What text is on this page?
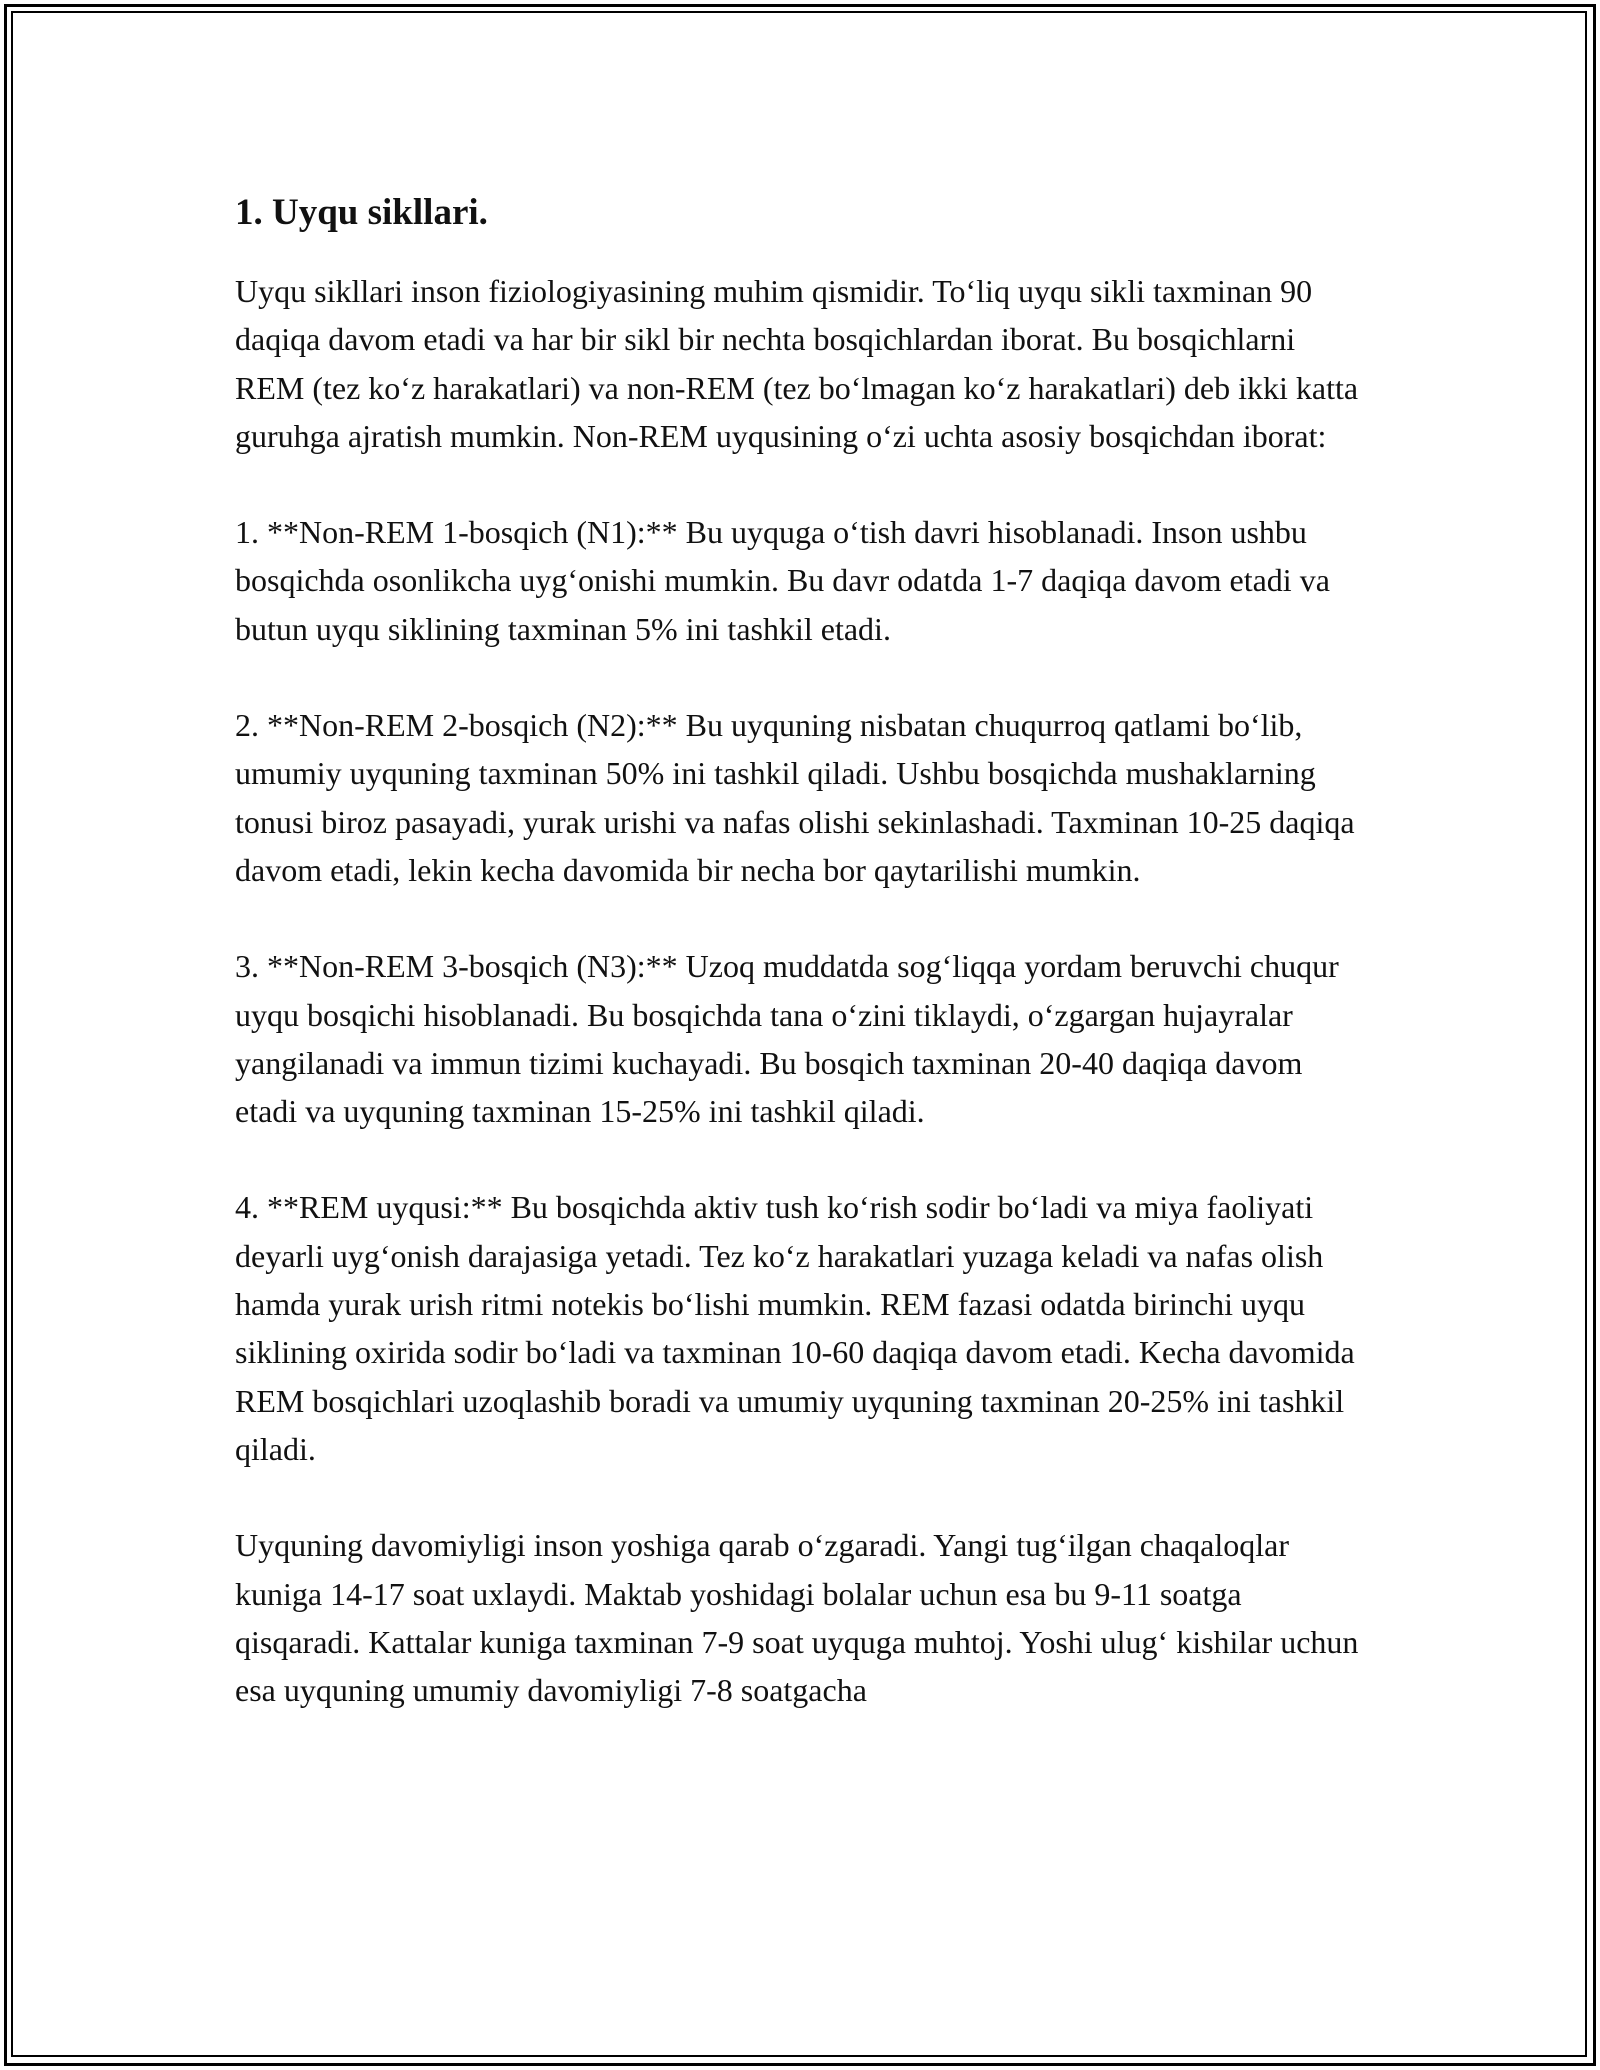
1. Uyqu sikllari.

Uyqu sikllari inson fiziologiyasining muhim qismidir. To‘liq uyqu sikli taxminan 90 daqiqa davom etadi va har bir sikl bir nechta bosqichlardan iborat. Bu bosqichlarni REM (tez ko‘z harakatlari) va non-REM (tez bo‘lmagan ko‘z harakatlari) deb ikki katta guruhga ajratish mumkin. Non-REM uyqusining o‘zi uchta asosiy bosqichdan iborat:

1. **Non-REM 1-bosqich (N1):** Bu uyquga o‘tish davri hisoblanadi. Inson ushbu bosqichda osonlikcha uyg‘onishi mumkin. Bu davr odatda 1-7 daqiqa davom etadi va butun uyqu siklining taxminan 5% ini tashkil etadi.

2. **Non-REM 2-bosqich (N2):** Bu uyquning nisbatan chuqurroq qatlami bo‘lib, umumiy uyquning taxminan 50% ini tashkil qiladi. Ushbu bosqichda mushaklarning tonusi biroz pasayadi, yurak urishi va nafas olishi sekinlashadi. Taxminan 10-25 daqiqa davom etadi, lekin kecha davomida bir necha bor qaytarilishi mumkin.

3. **Non-REM 3-bosqich (N3):** Uzoq muddatda sog‘liqqa yordam beruvchi chuqur uyqu bosqichi hisoblanadi. Bu bosqichda tana o‘zini tiklaydi, o‘zgargan hujayralar yangilanadi va immun tizimi kuchayadi. Bu bosqich taxminan 20-40 daqiqa davom etadi va uyquning taxminan 15-25% ini tashkil qiladi.

4. **REM uyqusi:** Bu bosqichda aktiv tush ko‘rish sodir bo‘ladi va miya faoliyati deyarli uyg‘onish darajasiga yetadi. Tez ko‘z harakatlari yuzaga keladi va nafas olish hamda yurak urish ritmi notekis bo‘lishi mumkin. REM fazasi odatda birinchi uyqu siklining oxirida sodir bo‘ladi va taxminan 10-60 daqiqa davom etadi. Kecha davomida REM bosqichlari uzoqlashib boradi va umumiy uyquning taxminan 20-25% ini tashkil qiladi.

Uyquning davomiyligi inson yoshiga qarab o‘zgaradi. Yangi tug‘ilgan chaqaloqlar kuniga 14-17 soat uxlaydi. Maktab yoshidagi bolalar uchun esa bu 9-11 soatga qisqaradi. Kattalar kuniga taxminan 7-9 soat uyquga muhtoj. Yoshi ulug‘ kishilar uchun esa uyquning umumiy davomiyligi 7-8 soatgacha
